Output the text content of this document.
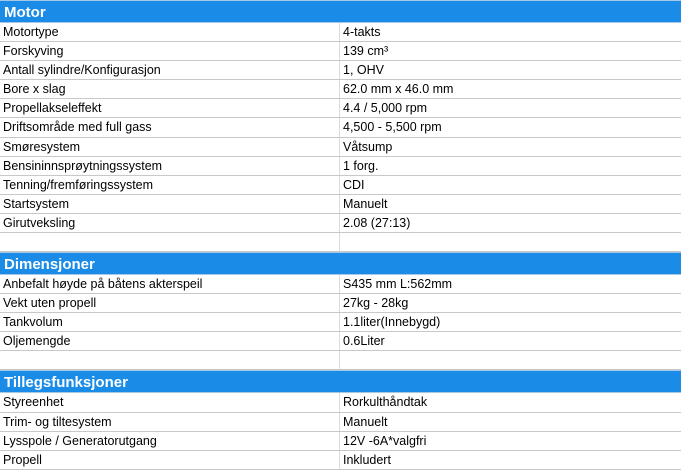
Motor
Motortype	4-takts
Forskyving	139 cm³
Antall sylindre/Konfigurasjon	1, OHV
Bore x slag	62.0 mm x 46.0 mm
Propellakseleffekt	4.4 / 5,000 rpm
Driftsområde med full gass	4,500 - 5,500 rpm
Smøresystem	Våtsump
Bensininnsprøytningssystem	1 forg.
Tenning/fremføringssystem	CDI
Startsystem	Manuelt
Girutveksling	2.08 (27:13)
Dimensjoner
Anbefalt høyde på båtens akterspeil	S435 mm L:562mm
Vekt uten propell	27kg - 28kg
Tankvolum	1.1liter(Innebygd)
Oljemengde	0.6Liter
Tillegsfunksjoner
Styreenhet	Rorkulthåndtak
Trim- og tiltesystem	Manuelt
Lysspole / Generatorutgang	12V -6A*valgfri
Propell	Inkludert
